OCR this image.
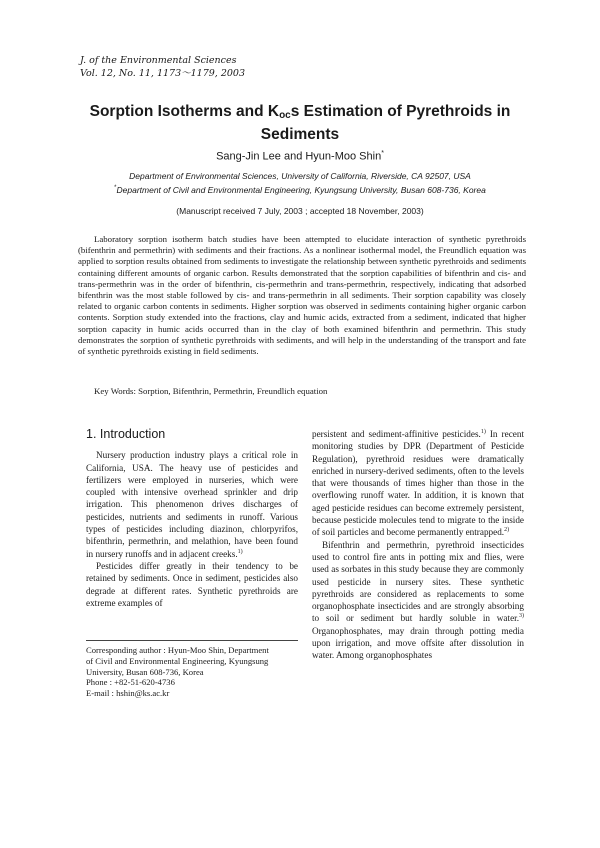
J. of the Environmental Sciences
Vol. 12, No. 11, 1173～1179, 2003
Sorption Isotherms and $K_{oc}s$ Estimation of Pyrethroids in Sediments
Sang-Jin Lee and Hyun-Moo Shin*
Department of Environmental Sciences, University of California, Riverside, CA 92507, USA
*Department of Civil and Environmental Engineering, Kyungsung University, Busan 608-736, Korea
(Manuscript received 7 July, 2003 ; accepted 18 November, 2003)

Laboratory sorption isotherm batch studies have been attempted to elucidate interaction of synthetic pyrethroids (bifenthrin and permethrin) with sediments and their fractions. As a nonlinear isothermal model, the Freundlich equation was applied to sorption results obtained from sediments to investigate the relationship between synthetic pyrethroids and sediments containing different amounts of organic carbon. Results demonstrated that the sorption capabilities of bifenthrin and cis- and trans-permethrin was in the order of bifenthrin, cis-permethrin and trans-permethrin, respectively, indicating that adsorbed bifenthrin was the most stable followed by cis- and trans-permethrin in all sediments. Their sorption capability was closely related to organic carbon contents in sediments. Higher sorption was observed in sediments containing higher organic carbon contents. Sorption study extended into the fractions, clay and humic acids, extracted from a sediment, indicated that higher sorption capacity in humic acids occurred than in the clay of both examined bifenthrin and permethrin. This study demonstrates the sorption of synthetic pyrethroids with sediments, and will help in the understanding of the transport and fate of synthetic pyrethroids existing in field sediments.

Key Words: Sorption, Bifenthrin, Permethrin, Freundlich equation
1. Introduction

Nursery production industry plays a critical role in California, USA. The heavy use of pesticides and fertilizers were employed in nurseries, which were coupled with intensive overhead sprinkler and drip irrigation. This phenomenon drives discharges of pesticides, nutrients and sediments in runoff. Various types of pesticides including diazinon, chlorpyrifos, bifenthrin, permethrin, and melathion, have been found in nursery runoffs and in adjacent creeks.$^{1)}$

Pesticides differ greatly in their tendency to be retained by sediments. Once in sediment, pesticides also degrade at different rates. Synthetic pyrethroids are extreme examples of

persistent and sediment-affinitive pesticides.$^{1)}$ In recent monitoring studies by DPR (Department of Pesticide Regulation), pyrethroid residues were dramatically enriched in nursery-derived sediments, often to the levels that were thousands of times higher than those in the overflowing runoff water. In addition, it is known that aged pesticide residues can become extremely persistent, because pesticide molecules tend to migrate to the inside of soil particles and become permanently entrapped.$^{2)}$

Bifenthrin and permethrin, pyrethroid insecticides used to control fire ants in potting mix and flies, were used as sorbates in this study because they are commonly used pesticide in nursery sites. These synthetic pyrethroids are considered as replacements to some organophosphate insecticides and are strongly absorbing to soil or sediment but hardly soluble in water.$^{3)}$ Organophosphates, may drain through potting media upon irrigation, and move offsite after dissolution in water. Among organophosphates

Corresponding author : Hyun-Moo Shin, Department
of Civil and Environmental Engineering, Kyungsung
University, Busan 608-736, Korea
Phone : +82-51-620-4736
E-mail : hshin@ks.ac.kr
